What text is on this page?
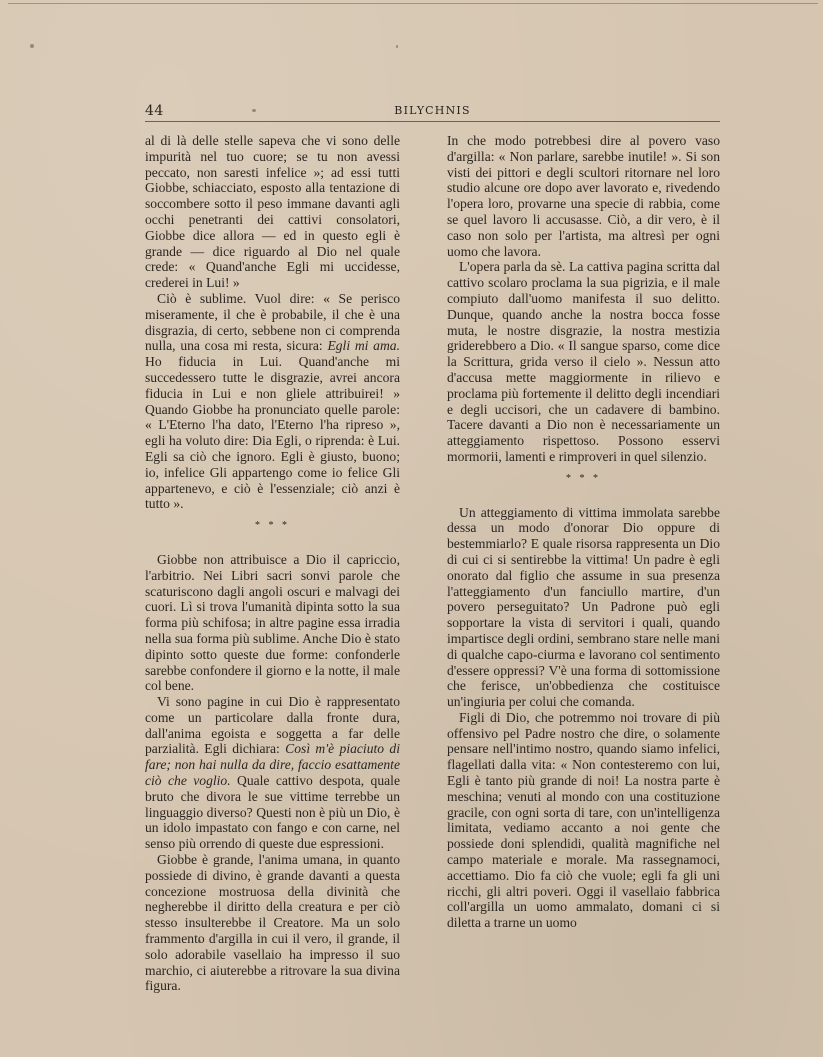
44	BILYCHNIS

al di là delle stelle sapeva che vi sono delle impurità nel tuo cuore; se tu non avessi peccato, non saresti infelice »; ad essi tutti Giobbe, schiacciato, esposto alla tentazione di soccombere sotto il peso immane davanti agli occhi penetranti dei cattivi consolatori, Giobbe dice allora — ed in questo egli è grande — dice riguardo al Dio nel quale crede: « Quand'anche Egli mi uccidesse, crederei in Lui! »

Ciò è sublime. Vuol dire: « Se perisco miseramente, il che è probabile, il che è una disgrazia, di certo, sebbene non ci comprenda nulla, una cosa mi resta, sicura: Egli mi ama. Ho fiducia in Lui. Quand'anche mi succedessero tutte le disgrazie, avrei ancora fiducia in Lui e non gliele attribuirei! » Quando Giobbe ha pronunciato quelle parole: « L'Eterno l'ha dato, l'Eterno l'ha ripreso », egli ha voluto dire: Dia Egli, o riprenda: è Lui. Egli sa ciò che ignoro. Egli è giusto, buono; io, infelice Gli appartengo come io felice Gli appartenevo, e ciò è l'essenziale; ciò anzi è tutto ».

* * *

Giobbe non attribuisce a Dio il capriccio, l'arbitrio. Nei Libri sacri sonvi parole che scaturiscono dagli angoli oscuri e malvagi dei cuori. Lì si trova l'umanità dipinta sotto la sua forma più schifosa; in altre pagine essa irradia nella sua forma più sublime. Anche Dio è stato dipinto sotto queste due forme: confonderle sarebbe confondere il giorno e la notte, il male col bene.

Vi sono pagine in cui Dio è rappresentato come un particolare dalla fronte dura, dall'anima egoista e soggetta a far delle parzialità. Egli dichiara: Così m'è piaciuto di fare; non hai nulla da dire, faccio esattamente ciò che voglio. Quale cattivo despota, quale bruto che divora le sue vittime terrebbe un linguaggio diverso? Questi non è più un Dio, è un idolo impastato con fango e con carne, nel senso più orrendo di queste due espressioni.

Giobbe è grande, l'anima umana, in quanto possiede di divino, è grande davanti a questa concezione mostruosa della divinità che negherebbe il diritto della creatura e per ciò stesso insulterebbe il Creatore. Ma un solo frammento d'argilla in cui il vero, il grande, il solo adorabile vasellaio ha impresso il suo marchio, ci aiuterebbe a ritrovare la sua divina figura.

In che modo potrebbesi dire al povero vaso d'argilla: « Non parlare, sarebbe inutile! ». Si son visti dei pittori e degli scultori ritornare nel loro studio alcune ore dopo aver lavorato e, rivedendo l'opera loro, provarne una specie di rabbia, come se quel lavoro li accusasse. Ciò, a dir vero, è il caso non solo per l'artista, ma altresì per ogni uomo che lavora.

L'opera parla da sè. La cattiva pagina scritta dal cattivo scolaro proclama la sua pigrizia, e il male compiuto dall'uomo manifesta il suo delitto. Dunque, quando anche la nostra bocca fosse muta, le nostre disgrazie, la nostra mestizia griderebbero a Dio. « Il sangue sparso, come dice la Scrittura, grida verso il cielo ». Nessun atto d'accusa mette maggiormente in rilievo e proclama più fortemente il delitto degli incendiari e degli uccisori, che un cadavere di bambino. Tacere davanti a Dio non è necessariamente un atteggiamento rispettoso. Possono esservi mormorii, lamenti e rimproveri in quel silenzio.

* * *

Un atteggiamento di vittima immolata sarebbe dessa un modo d'onorar Dio oppure di bestemmiarlo? E quale risorsa rappresenta un Dio di cui ci si sentirebbe la vittima! Un padre è egli onorato dal figlio che assume in sua presenza l'atteggiamento d'un fanciullo martire, d'un povero perseguitato? Un Padrone può egli sopportare la vista di servitori i quali, quando impartisce degli ordini, sembrano stare nelle mani di qualche capo-ciurma e lavorano col sentimento d'essere oppressi? V'è una forma di sottomissione che ferisce, un'obbedienza che costituisce un'ingiuria per colui che comanda.

Figli di Dio, che potremmo noi trovare di più offensivo pel Padre nostro che dire, o solamente pensare nell'intimo nostro, quando siamo infelici, flagellati dalla vita: « Non contesteremo con lui, Egli è tanto più grande di noi! La nostra parte è meschina; venuti al mondo con una costituzione gracile, con ogni sorta di tare, con un'intelligenza limitata, vediamo accanto a noi gente che possiede doni splendidi, qualità magnifiche nel campo materiale e morale. Ma rassegnamoci, accettiamo. Dio fa ciò che vuole; egli fa gli uni ricchi, gli altri poveri. Oggi il vasellaio fabbrica coll'argilla un uomo ammalato, domani ci si diletta a trarne un uomo
